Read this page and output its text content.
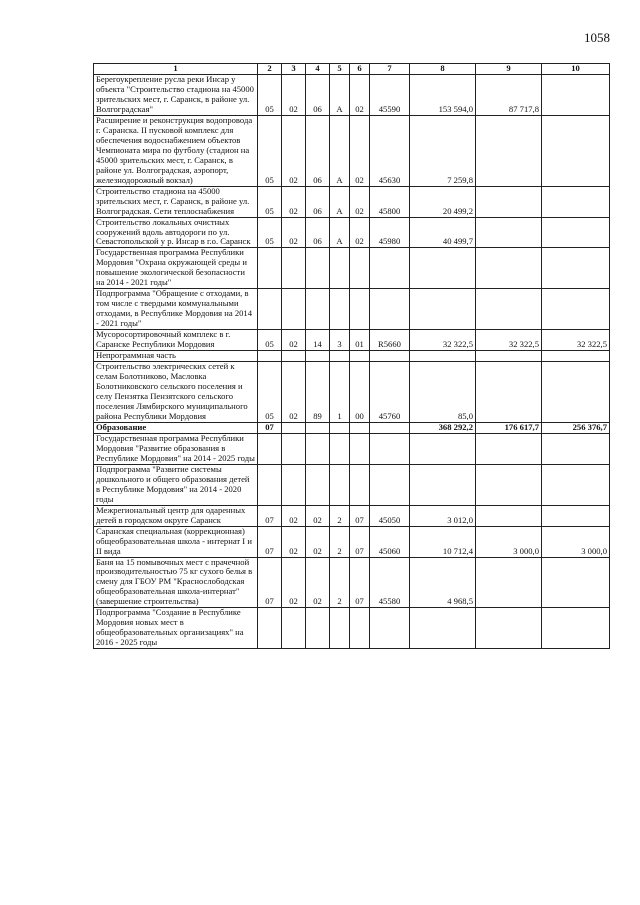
1058
1	2	3	4	5	6	7	8	9	10
Берегоукрепление русла реки Инсар у объекта "Строительство стадиона на 45000 зрительских мест, г. Саранск, в районе ул. Волгоградская"	05	02	06	А	02	45590	153 594,0	87 717,8	
Расширение и реконструкция водопровода г. Саранска. II пусковой комплекс для обеспечения водоснабжением объектов Чемпионата мира по футболу (стадион на 45000 зрительских мест, г. Саранск, в районе ул. Волгоградская, аэропорт, железнодорожный вокзал)	05	02	06	А	02	45630	7 259,8		
Строительство стадиона на 45000 зрительских мест, г. Саранск, в районе ул. Волгоградская. Сети теплоснабжения	05	02	06	А	02	45800	20 499,2		
Строительство локальных очистных сооружений вдоль автодороги по ул. Севастопольской у р. Инсар в г.о. Саранск	05	02	06	А	02	45980	40 499,7		
Государственная программа Республики Мордовия "Охрана окружающей среды и повышение экологической безопасности на 2014 - 2021 годы"									
Подпрограмма "Обращение с отходами, в том числе с твердыми коммунальными отходами, в Республике Мордовия на 2014 - 2021 годы"									
Мусоросортировочный комплекс в г. Саранске Республики Мордовия	05	02	14	3	01	R5660	32 322,5	32 322,5	32 322,5
Непрограммная часть									
Строительство электрических сетей к селам Болотниково, Масловка Болотниковского сельского поселения и селу Пензятка Пензятского сельского поселения Лямбирского муниципального района Республики Мордовия	05	02	89	1	00	45760	85,0		
Образование	07						368 292,2	176 617,7	256 376,7
Государственная программа Республики Мордовия "Развитие образования в Республике Мордовия" на 2014 - 2025 годы									
Подпрограмма "Развитие системы дошкольного и общего образования детей в Республике Мордовия" на 2014 - 2020 годы									
Межрегиональный центр для одаренных детей в городском округе Саранск	07	02	02	2	07	45050	3 012,0		
Саранская специальная (коррекционная) общеобразовательная школа - интернат I и II вида	07	02	02	2	07	45060	10 712,4	3 000,0	3 000,0
Баня на 15 помывочных мест с прачечной производительностью 75 кг сухого белья в смену для ГБОУ РМ "Краснослободская общеобразовательная школа-интернат" (завершение строительства)	07	02	02	2	07	45580	4 968,5		
Подпрограмма "Создание в Республике Мордовия новых мест в общеобразовательных организациях" на 2016 - 2025 годы									
